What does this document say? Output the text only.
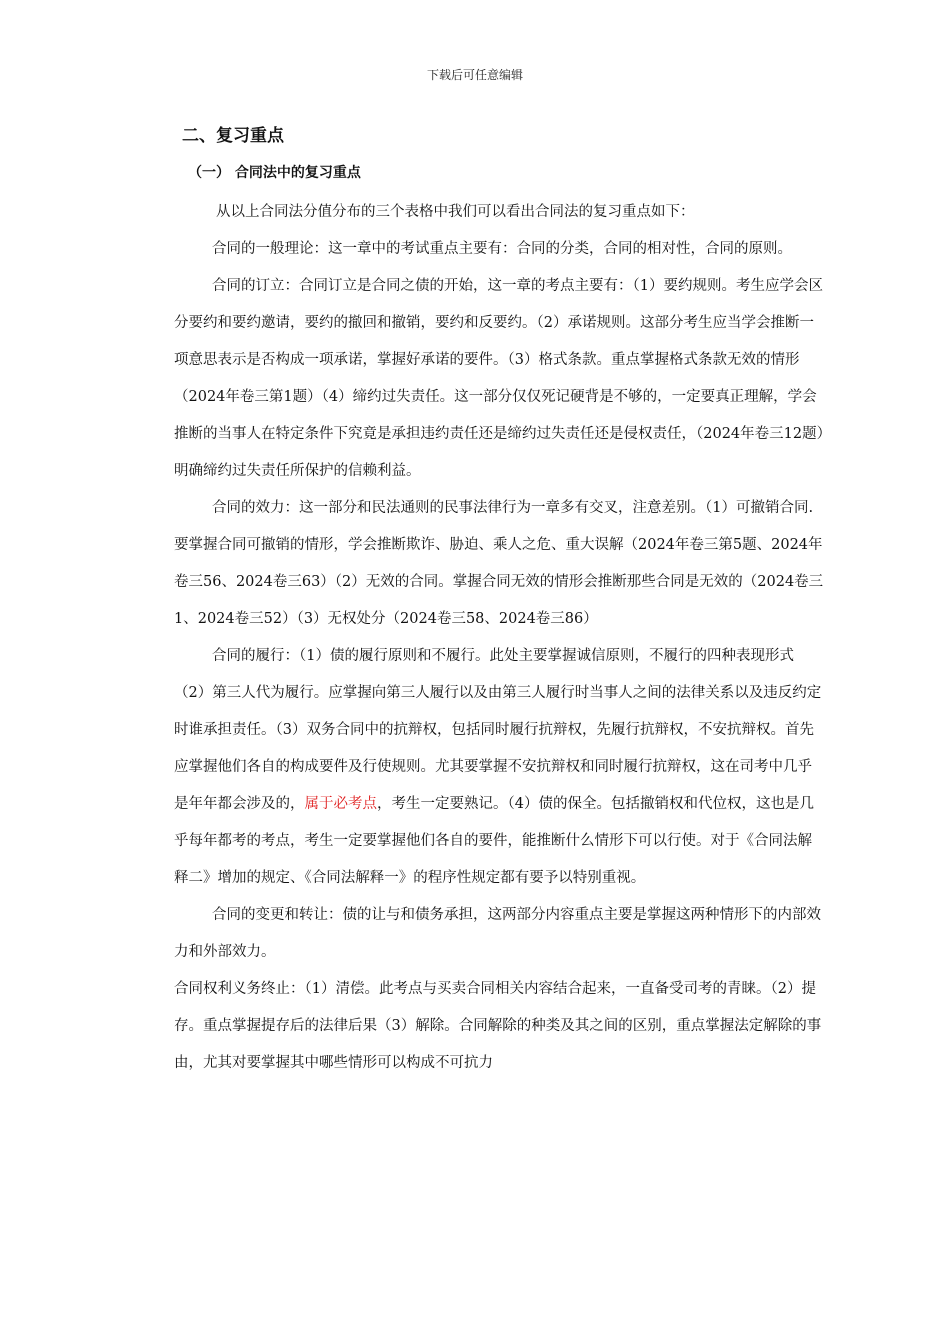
下载后可任意编辑
二、复习重点
（一） 合同法中的复习重点

从以上合同法分值分布的三个表格中我们可以看出合同法的复习重点如下：

合同的一般理论：这一章中的考试重点主要有：合同的分类，合同的相对性，合同的原则。

合同的订立：合同订立是合同之债的开始，这一章的考点主要有：（1）要约规则。考生应学会区分要约和要约邀请，要约的撤回和撤销，要约和反要约。（2）承诺规则。这部分考生应当学会推断一项意思表示是否构成一项承诺，掌握好承诺的要件。（3）格式条款。重点掌握格式条款无效的情形（2024年卷三第1题）（4）缔约过失责任。这一部分仅仅死记硬背是不够的，一定要真正理解，学会推断的当事人在特定条件下究竟是承担违约责任还是缔约过失责任还是侵权责任，（2024年卷三12题）明确缔约过失责任所保护的信赖利益。

合同的效力：这一部分和民法通则的民事法律行为一章多有交叉，注意差别。（1）可撤销合同.要掌握合同可撤销的情形，学会推断欺诈、胁迫、乘人之危、重大误解（2024年卷三第5题、2024年卷三56、2024卷三63）（2）无效的合同。掌握合同无效的情形会推断那些合同是无效的（2024卷三1、2024卷三52）（3）无权处分（2024卷三58、2024卷三86）

合同的履行：（1）债的履行原则和不履行。此处主要掌握诚信原则，不履行的四种表现形式（2）第三人代为履行。应掌握向第三人履行以及由第三人履行时当事人之间的法律关系以及违反约定时谁承担责任。（3）双务合同中的抗辩权，包括同时履行抗辩权，先履行抗辩权，不安抗辩权。首先应掌握他们各自的构成要件及行使规则。尤其要掌握不安抗辩权和同时履行抗辩权，这在司考中几乎是年年都会涉及的，属于必考点，考生一定要熟记。（4）债的保全。包括撤销权和代位权，这也是几乎每年都考的考点，考生一定要掌握他们各自的要件，能推断什么情形下可以行使。对于《合同法解释二》增加的规定、《合同法解释一》的程序性规定都有要予以特别重视。

合同的变更和转让：债的让与和债务承担，这两部分内容重点主要是掌握这两种情形下的内部效力和外部效力。

合同权利义务终止：（1）清偿。此考点与买卖合同相关内容结合起来，一直备受司考的青睐。（2）提存。重点掌握提存后的法律后果（3）解除。合同解除的种类及其之间的区别，重点掌握法定解除的事由，尤其对要掌握其中哪些情形可以构成不可抗力
